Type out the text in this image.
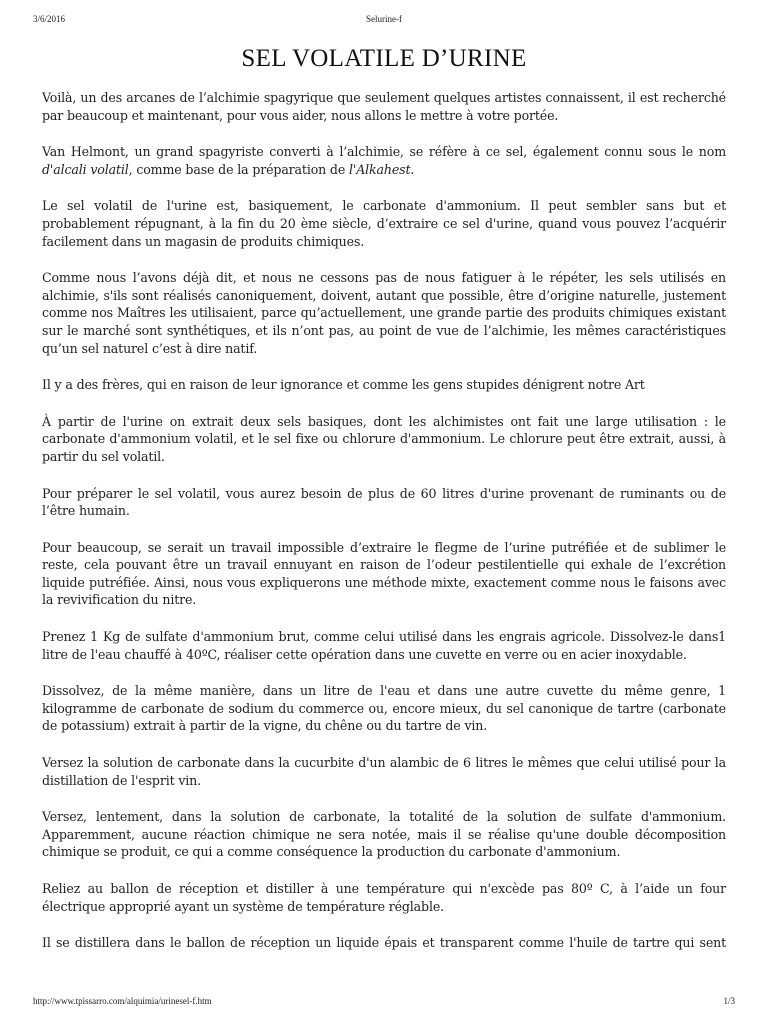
3/6/2016	Selurine-f
SEL VOLATILE D’URINE

Voilà, un des arcanes de l’alchimie spagyrique que seulement quelques artistes connaissent, il est recherché par beaucoup et maintenant, pour vous aider, nous allons le mettre à votre portée.

Van Helmont, un grand spagyriste converti à l’alchimie, se réfère à ce sel, également connu sous le nom d'alcali volatil, comme base de la préparation de l'Alkahest.

Le sel volatil de l'urine est, basiquement, le carbonate d'ammonium. Il peut sembler sans but et probablement répugnant, à la fin du 20 ème siècle, d’extraire ce sel d'urine, quand vous pouvez l’acquérir facilement dans un magasin de produits chimiques.

Comme nous l’avons déjà dit, et nous ne cessons pas de nous fatiguer à le répéter, les sels utilisés en alchimie, s'ils sont réalisés canoniquement, doivent, autant que possible, être d’origine naturelle, justement comme nos Maîtres les utilisaient, parce qu’actuellement, une grande partie des produits chimiques existant sur le marché sont synthétiques, et ils n’ont pas, au point de vue de l’alchimie, les mêmes caractéristiques qu’un sel naturel c’est à dire natif.

Il y a des frères, qui en raison de leur ignorance et comme les gens stupides dénigrent notre Art

À partir de l'urine on extrait deux sels basiques, dont les alchimistes ont fait une large utilisation : le carbonate d'ammonium volatil, et le sel fixe ou chlorure d'ammonium. Le chlorure peut être extrait, aussi, à partir du sel volatil.

Pour préparer le sel volatil, vous aurez besoin de plus de 60 litres d'urine provenant de ruminants ou de l’être humain.

Pour beaucoup, se serait un travail impossible d’extraire le flegme de l’urine putréfiée et de sublimer le reste, cela pouvant être un travail ennuyant en raison de l’odeur pestilentielle qui exhale de l’excrétion liquide putréfiée. Ainsi, nous vous expliquerons une méthode mixte, exactement comme nous le faisons avec la revivification du nitre.

Prenez 1 Kg de sulfate d'ammonium brut, comme celui utilisé dans les engrais agricole. Dissolvez-le dans1 litre de l'eau chauffé à 40ºC, réaliser cette opération dans une cuvette en verre ou en acier inoxydable.

Dissolvez, de la même manière, dans un litre de l'eau et dans une autre cuvette du même genre, 1 kilogramme de carbonate de sodium du commerce ou, encore mieux, du sel canonique de tartre (carbonate de potassium) extrait à partir de la vigne, du chêne ou du tartre de vin.

Versez la solution de carbonate dans la cucurbite d'un alambic de 6 litres le mêmes que celui utilisé pour la distillation de l'esprit vin.

Versez, lentement, dans la solution de carbonate, la totalité de la solution de sulfate d'ammonium. Apparemment, aucune réaction chimique ne sera notée, mais il se réalise qu'une double décomposition chimique se produit, ce qui a comme conséquence la production du carbonate d'ammonium.

Reliez au ballon de réception et distiller à une température qui n'excède pas 80º C, à l’aide un four électrique approprié ayant un système de température réglable.

Il se distillera dans le ballon de réception un liquide épais et transparent comme l'huile de tartre qui sent

http://www.tpissarro.com/alquimia/urinesel-f.htm	1/3
